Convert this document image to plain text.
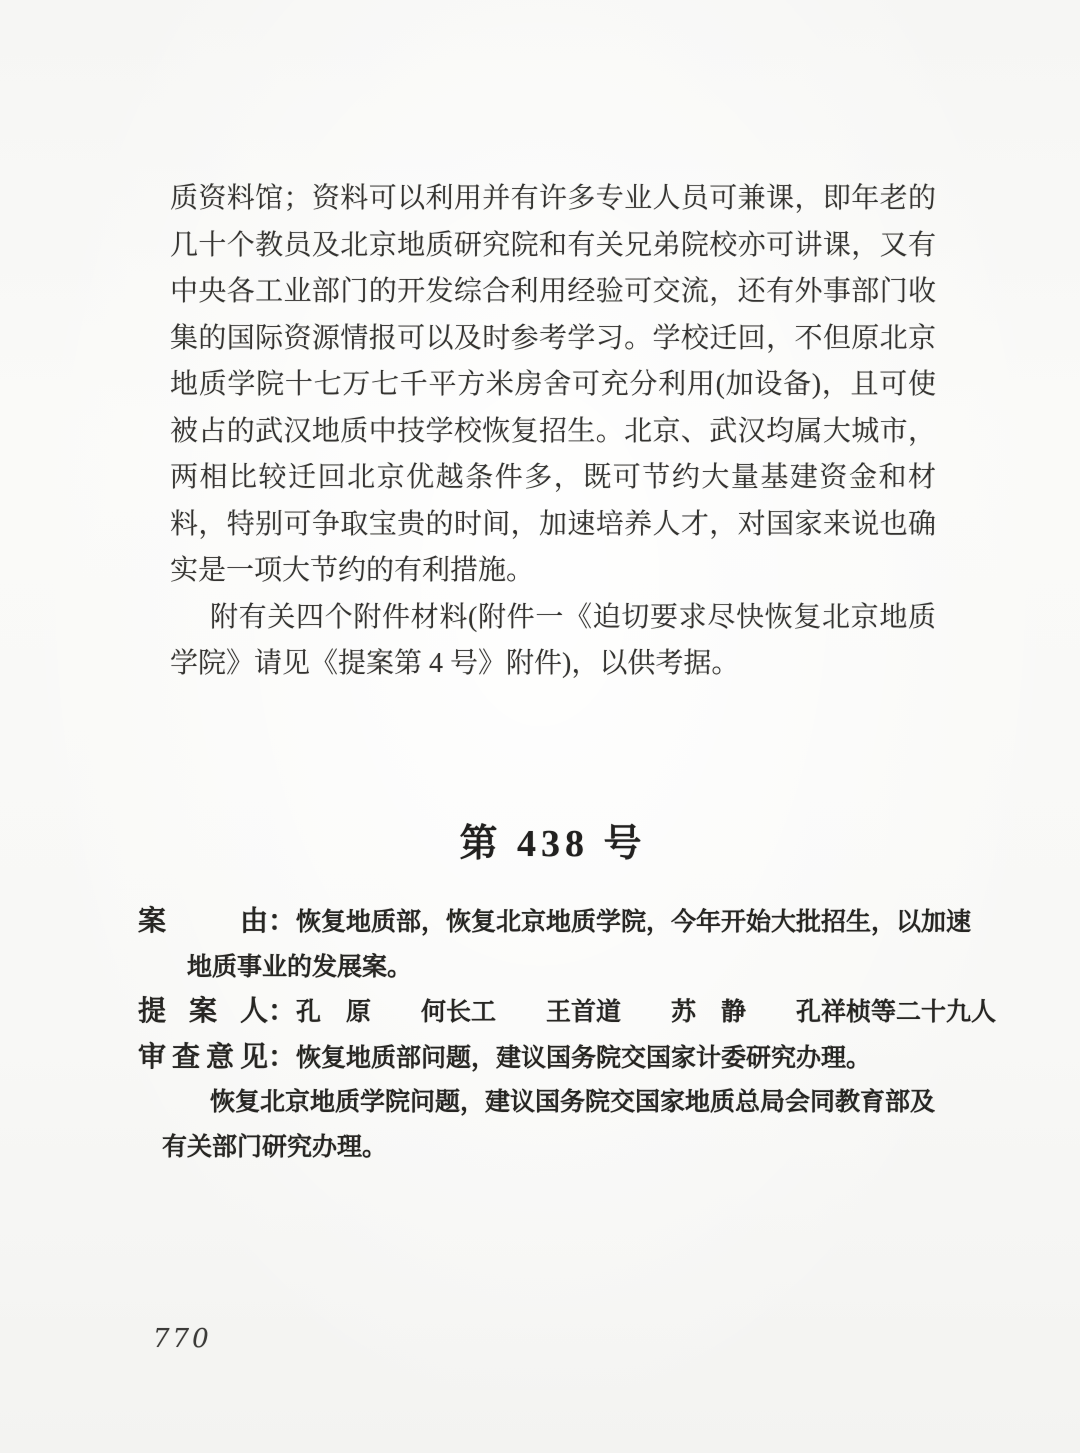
质资料馆；资料可以利用并有许多专业人员可兼课，即年老的
几十个教员及北京地质研究院和有关兄弟院校亦可讲课，又有
中央各工业部门的开发综合利用经验可交流，还有外事部门收
集的国际资源情报可以及时参考学习。学校迁回，不但原北京
地质学院十七万七千平方米房舍可充分利用(加设备)，且可使
被占的武汉地质中技学校恢复招生。北京、武汉均属大城市，
两相比较迁回北京优越条件多，既可节约大量基建资金和材
料，特别可争取宝贵的时间，加速培养人才，对国家来说也确
实是一项大节约的有利措施。
附有关四个附件材料(附件一《迫切要求尽快恢复北京地质
学院》请见《提案第 4 号》附件)，以供考据。
第 438 号
案由：恢复地质部，恢复北京地质学院，今年开始大批招生，以加速
地质事业的发展案。
提案人：孔　原　　何长工　　王首道　　苏　静　　孔祥桢等二十九人
审查意见：恢复地质部问题，建议国务院交国家计委研究办理。
恢复北京地质学院问题，建议国务院交国家地质总局会同教育部及
有关部门研究办理。
770
